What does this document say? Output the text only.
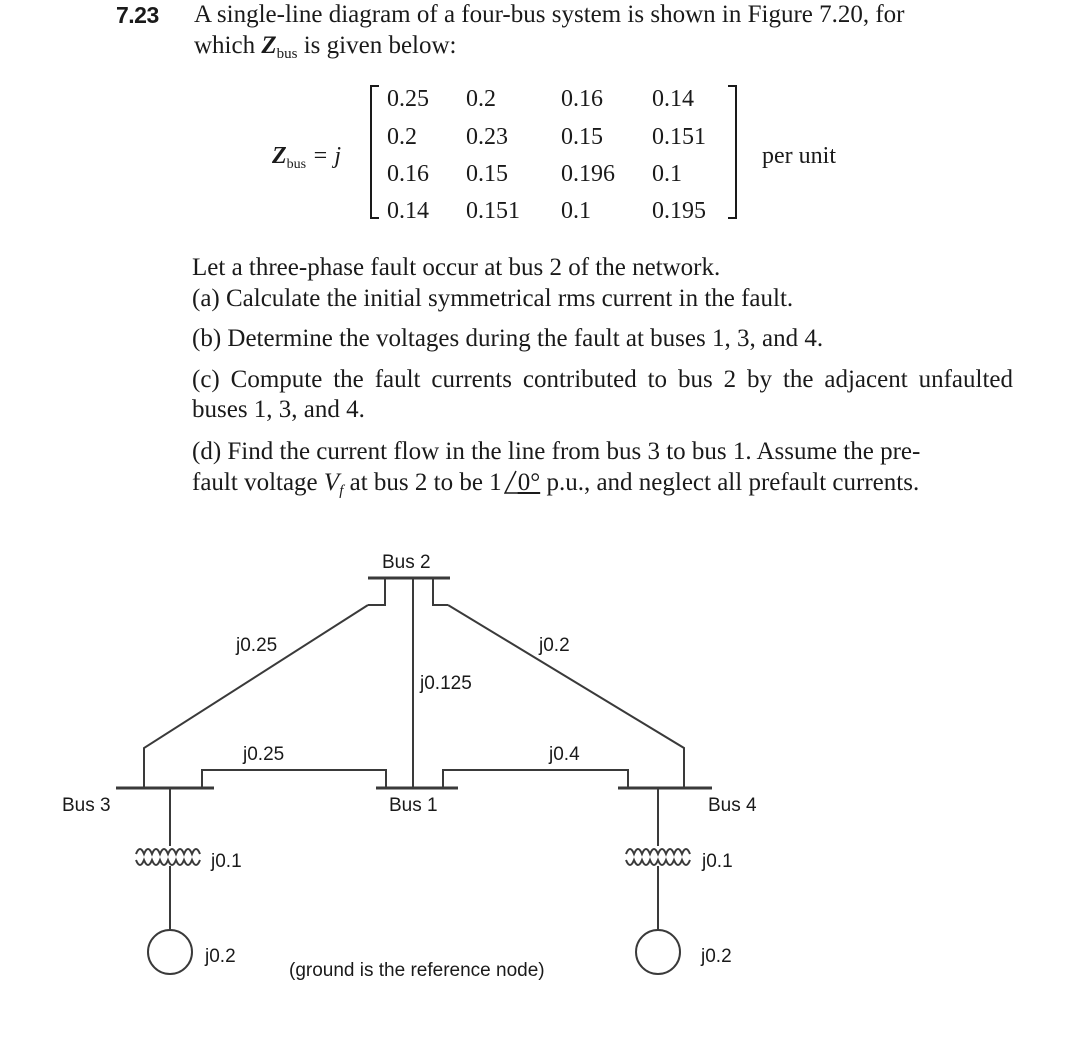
7.23 A single-line diagram of a four-bus system is shown in Figure 7.20, for
which $Z_{bus}$ is given below:
$Z_{bus} = j$
0.25 0.2	0.16 0.14
0.2 0.23 0.15 0.151
0.16 0.15 0.196 0.1
0.14 0.151 0.1	0.195
per unit
Let a three-phase fault occur at bus 2 of the network.
(a) Calculate the initial symmetrical rms current in the fault.
(b) Determine the voltages during the fault at buses 1, 3, and 4.
(c) Compute the fault currents contributed to bus 2 by the adjacent unfaulted buses 1, 3, and 4.
(d) Find the current flow in the line from bus 3 to bus 1. Assume the pre-
fault voltage $V_f$ at bus 2 to be 1 0° p.u., and neglect all prefault currents.
Bus 2
Bus 1
Bus 3	Bus 4
j0.25	j0.2
j0.125
j0.25	j0.4
j0.1	j0.1
j0.2	j0.2
(ground is the reference node)
